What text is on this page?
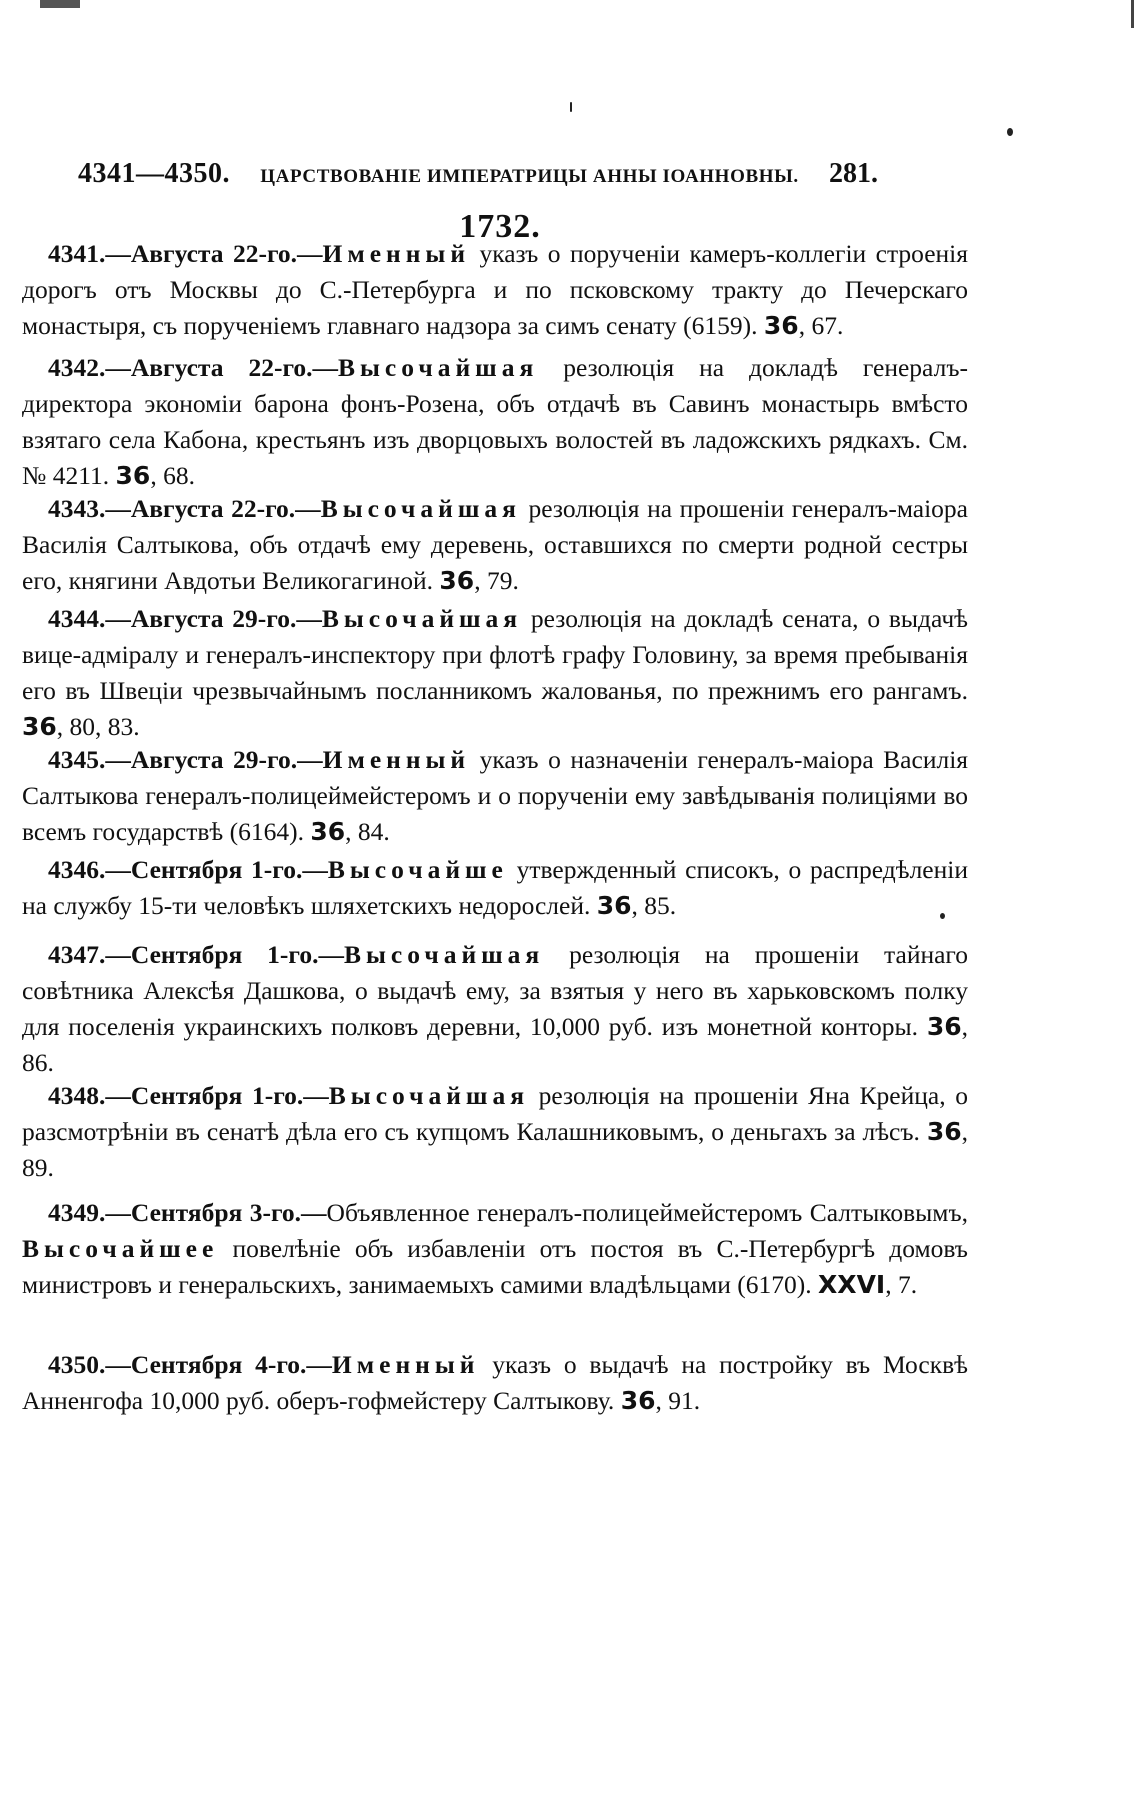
4341—4350. ЦАРСТВОВАНІЕ ИМПЕРАТРИЦЫ АННЫ ІОАННОВНЫ. 281.
1732.
4341.—Августа 22-го.—Именный указъ о порученіи камеръ-коллегіи строенія дорогъ отъ Москвы до С.-Петербурга и по псковскому тракту до Печерскаго монастыря, съ порученіемъ главнаго надзора за симъ сенату (6159). 36, 67.
4342.—Августа 22-го.—Высочайшая резолюція на докладѣ генералъ-директора экономіи барона фонъ-Розена, объ отдачѣ въ Савинъ монастырь вмѣсто взятаго села Кабона, крестьянъ изъ дворцовыхъ волостей въ ладожскихъ рядкахъ. См. № 4211. 36, 68.
4343.—Августа 22-го.—Высочайшая резолюція на прошеніи генералъ-маіора Василія Салтыкова, объ отдачѣ ему деревень, оставшихся по смерти родной сестры его, княгини Авдотьи Великогагиной. 36, 79.
4344.—Августа 29-го.—Высочайшая резолюція на докладѣ сената, о выдачѣ вице-адміралу и генералъ-инспектору при флотѣ графу Головину, за время пребыванія его въ Швеціи чрезвычайнымъ посланникомъ жалованья, по прежнимъ его рангамъ. 36, 80, 83.
4345.—Августа 29-го.—Именный указъ о назначеніи генералъ-маіора Василія Салтыкова генералъ-полицеймейстеромъ и о порученіи ему завѣдыванія полиціями во всемъ государствѣ (6164). 36, 84.
4346.—Сентября 1-го.—Высочайше утвержденный списокъ, о распредѣленіи на службу 15-ти человѣкъ шляхетскихъ недорослей. 36, 85.
4347.—Сентября 1-го.—Высочайшая резолюція на прошеніи тайнаго совѣтника Алексѣя Дашкова, о выдачѣ ему, за взятыя у него въ харьковскомъ полку для поселенія украинскихъ полковъ деревни, 10,000 руб. изъ монетной конторы. 36, 86.
4348.—Сентября 1-го.—Высочайшая резолюція на прошеніи Яна Крейца, о разсмотрѣніи въ сенатѣ дѣла его съ купцомъ Калашниковымъ, о деньгахъ за лѣсъ. 36, 89.
4349.—Сентября 3-го.—Объявленное генералъ-полицеймейстеромъ Салтыковымъ, Высочайшее повелѣніе объ избавленіи отъ постоя въ С.-Петербургѣ домовъ министровъ и генеральскихъ, занимаемыхъ самими владѣльцами (6170). XXVI, 7.
4350.—Сентября 4-го.—Именный указъ о выдачѣ на постройку въ Москвѣ Анненгофа 10,000 руб. оберъ-гофмейстеру Салтыкову. 36, 91.
